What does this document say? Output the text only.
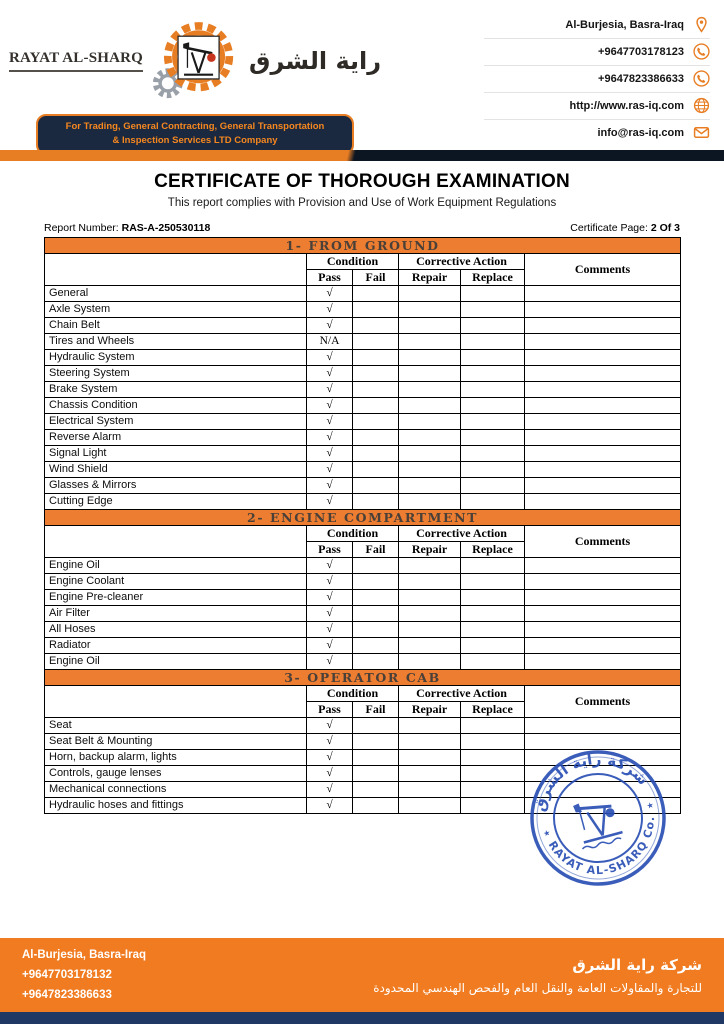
RAYAT AL-SHARQ	راية الشرق
For Trading, General Contracting, General Transportation
& Inspection Services LTD Company
Al-Burjesia, Basra-Iraq
+9647703178123
+9647823386633
http://www.ras-iq.com
info@ras-iq.com
CERTIFICATE OF THOROUGH EXAMINATION
This report complies with Provision and Use of Work Equipment Regulations
Report Number: RAS-A-250530118	Certificate Page: 2 Of 3
1- FROM GROUND					
	Condition		Corrective Action		Comments
	Pass	Fail	Repair	Replace	
General	√				
Axle System	√				
Chain Belt	√				
Tires and Wheels	N/A				
Hydraulic System	√				
Steering System	√				
Brake System	√				
Chassis Condition	√				
Electrical System	√				
Reverse Alarm	√				
Signal Light	√				
Wind Shield	√				
Glasses & Mirrors	√				
Cutting Edge	√				
2- ENGINE COMPARTMENT					
	Condition		Corrective Action		Comments
	Pass	Fail	Repair	Replace	
Engine Oil	√				
Engine Coolant	√				
Engine Pre-cleaner	√				
Air Filter	√				
All Hoses	√				
Radiator	√				
Engine Oil	√				
3- OPERATOR CAB					
	Condition		Corrective Action		Comments
	Pass	Fail	Repair	Replace	
Seat	√				
Seat Belt & Mounting	√				
Horn, backup alarm, lights	√				
Controls, gauge lenses	√				
Mechanical connections	√				
Hydraulic hoses and fittings	√					شركة راية الشرق
RAYAT AL-SHARQ Co.
★
★
Al-Burjesia, Basra-Iraq
+9647703178132
+9647823386633
شركة راية الشرق
للتجارة والمقاولات العامة والنقل العام والفحص الهندسي المحدودة
